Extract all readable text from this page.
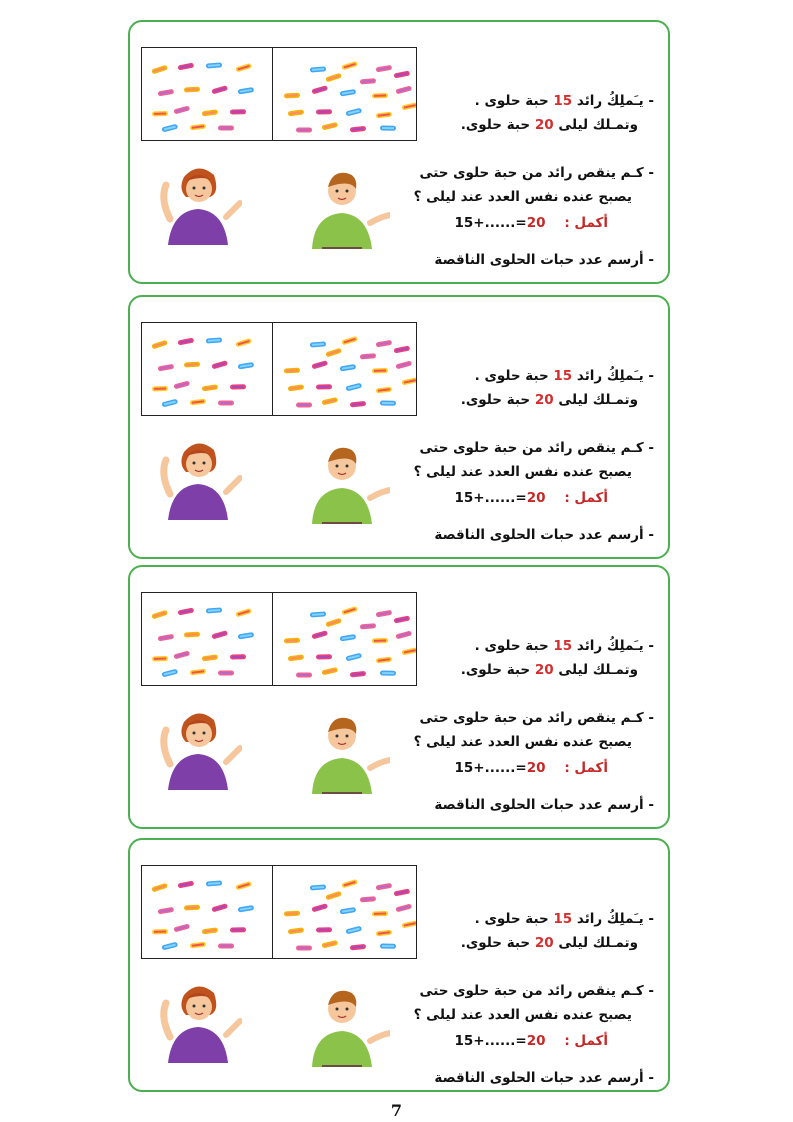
- يـَملِكُ رائد 15 حبة حلوى .
وتمـلك ليلى 20 حبة حلوى.
- كـم ينقص رائد من حبة حلوى حتى
يصبح عنده نفس العدد عند ليلى ؟
أكمل :    15+......=20
- أرسم عدد حبات الحلوى الناقصة
- يـَملِكُ رائد 15 حبة حلوى .
وتمـلك ليلى 20 حبة حلوى.
- كـم ينقص رائد من حبة حلوى حتى
يصبح عنده نفس العدد عند ليلى ؟
أكمل :    15+......=20
- أرسم عدد حبات الحلوى الناقصة
- يـَملِكُ رائد 15 حبة حلوى .
وتمـلك ليلى 20 حبة حلوى.
- كـم ينقص رائد من حبة حلوى حتى
يصبح عنده نفس العدد عند ليلى ؟
أكمل :    15+......=20
- أرسم عدد حبات الحلوى الناقصة
- يـَملِكُ رائد 15 حبة حلوى .
وتمـلك ليلى 20 حبة حلوى.
- كـم ينقص رائد من حبة حلوى حتى
يصبح عنده نفس العدد عند ليلى ؟
أكمل :    15+......=20
- أرسم عدد حبات الحلوى الناقصة
7
